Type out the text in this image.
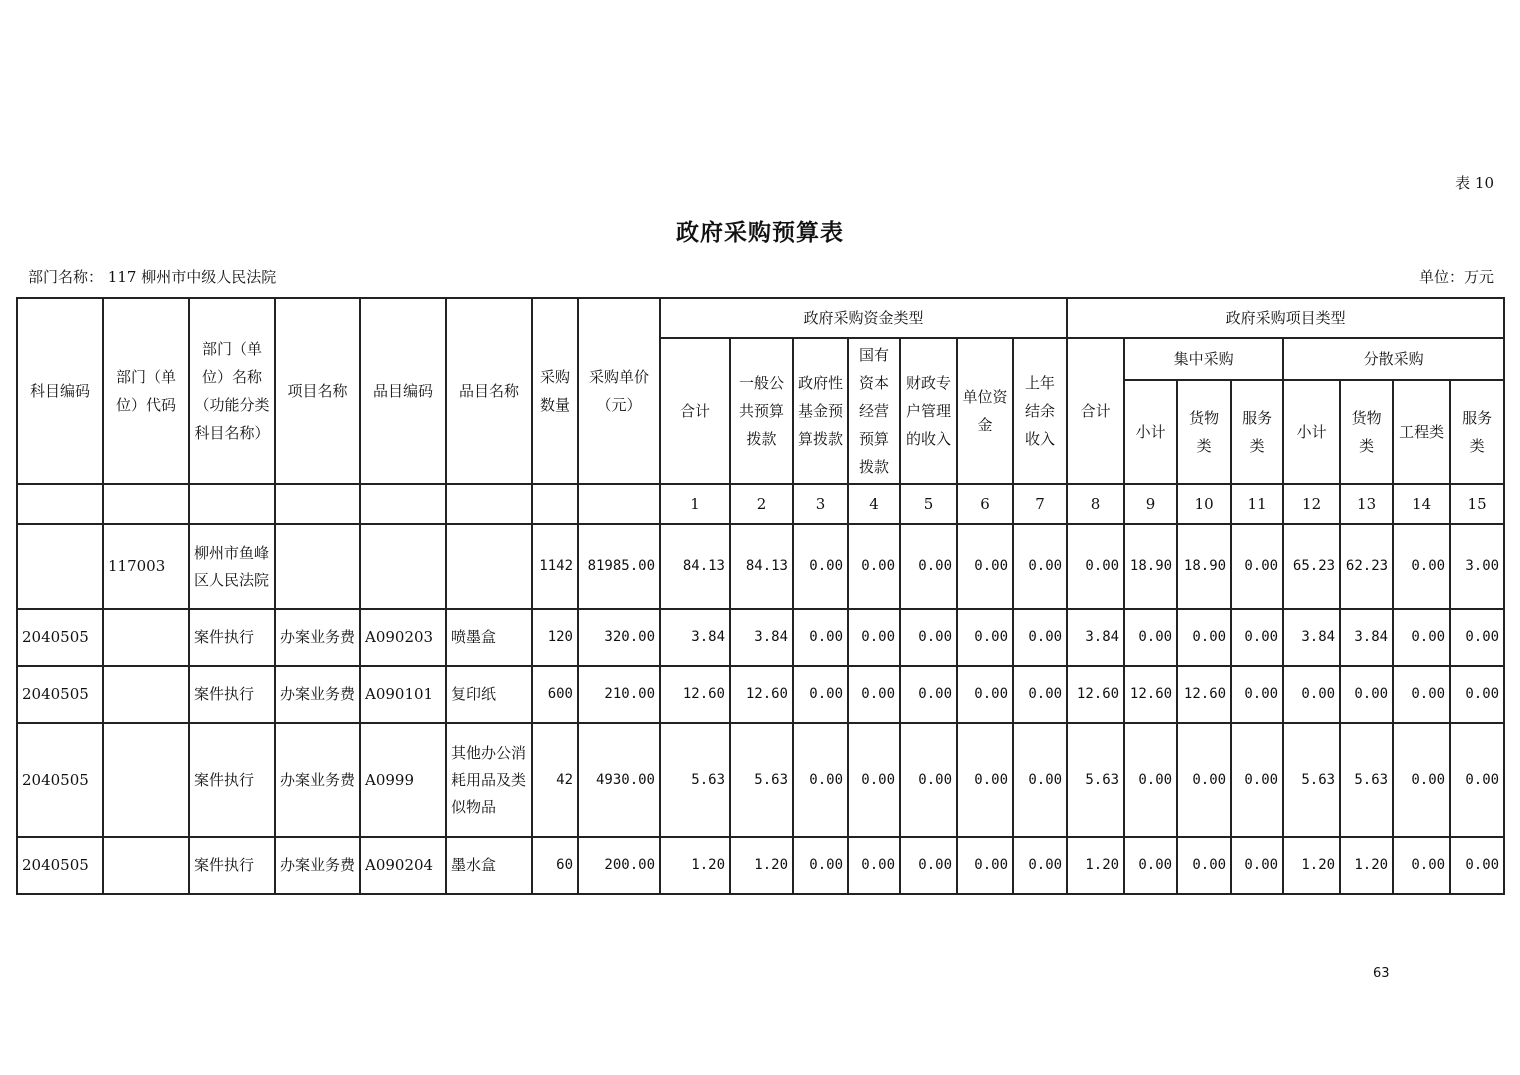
表 10
政府采购预算表
部门名称： 117 柳州市中级人民法院	单位：万元
科目编码	部门（单位）代码	部门（单位）名称（功能分类科目名称）	项目名称	品目编码	品目名称	采购数量	采购单价（元）	政府采购资金类型							政府采购项目类型							
								合计	一般公共预算拨款	政府性基金预算拨款	国有资本经营预算拨款	财政专户管理的收入	单位资金	上年结余收入	合计	集中采购			分散采购			
																小计	货物类	服务类	小计	货物类	工程类	服务类
								1	2	3	4	5	6	7	8	9	10	11	12	13	14	15
	117003	柳州市鱼峰区人民法院				1142	81985.00	84.13	84.13	0.00	0.00	0.00	0.00	0.00	0.00	18.90	18.90	0.00	65.23	62.23	0.00	3.00
2040505		案件执行	办案业务费	A090203	喷墨盒	120	320.00	3.84	3.84	0.00	0.00	0.00	0.00	0.00	3.84	0.00	0.00	0.00	3.84	3.84	0.00	0.00
2040505		案件执行	办案业务费	A090101	复印纸	600	210.00	12.60	12.60	0.00	0.00	0.00	0.00	0.00	12.60	12.60	12.60	0.00	0.00	0.00	0.00	0.00
2040505		案件执行	办案业务费	A0999	其他办公消耗用品及类似物品	42	4930.00	5.63	5.63	0.00	0.00	0.00	0.00	0.00	5.63	0.00	0.00	0.00	5.63	5.63	0.00	0.00
2040505		案件执行	办案业务费	A090204	墨水盒	60	200.00	1.20	1.20	0.00	0.00	0.00	0.00	0.00	1.20	0.00	0.00	0.00	1.20	1.20	0.00	0.00
63
